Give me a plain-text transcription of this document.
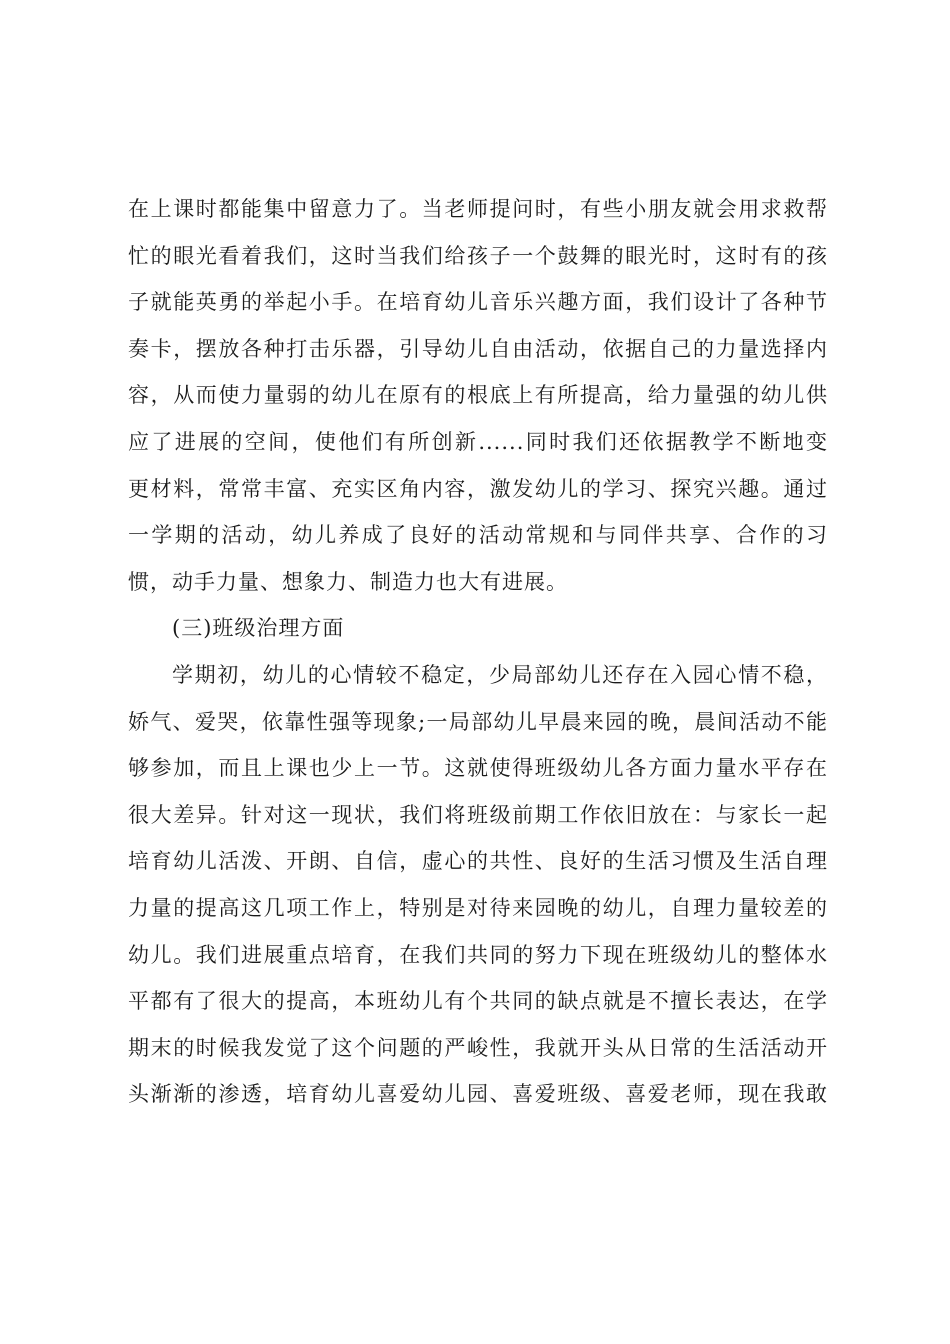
在上课时都能集中留意力了。当老师提问时，有些小朋友就会用求救帮
忙的眼光看着我们，这时当我们给孩子一个鼓舞的眼光时，这时有的孩
子就能英勇的举起小手。在培育幼儿音乐兴趣方面，我们设计了各种节
奏卡，摆放各种打击乐器，引导幼儿自由活动，依据自己的力量选择内
容，从而使力量弱的幼儿在原有的根底上有所提高，给力量强的幼儿供
应了进展的空间，使他们有所创新......同时我们还依据教学不断地变
更材料，常常丰富、充实区角内容，激发幼儿的学习、探究兴趣。通过
一学期的活动，幼儿养成了良好的活动常规和与同伴共享、合作的习
惯，动手力量、想象力、制造力也大有进展。
(三)班级治理方面
学期初，幼儿的心情较不稳定，少局部幼儿还存在入园心情不稳，
娇气、爱哭，依靠性强等现象;一局部幼儿早晨来园的晚，晨间活动不能
够参加，而且上课也少上一节。这就使得班级幼儿各方面力量水平存在
很大差异。针对这一现状，我们将班级前期工作依旧放在：与家长一起
培育幼儿活泼、开朗、自信，虚心的共性、良好的生活习惯及生活自理
力量的提高这几项工作上，特别是对待来园晚的幼儿，自理力量较差的
幼儿。我们进展重点培育，在我们共同的努力下现在班级幼儿的整体水
平都有了很大的提高，本班幼儿有个共同的缺点就是不擅长表达，在学
期末的时候我发觉了这个问题的严峻性，我就开头从日常的生活活动开
头渐渐的渗透，培育幼儿喜爱幼儿园、喜爱班级、喜爱老师，现在我敢
